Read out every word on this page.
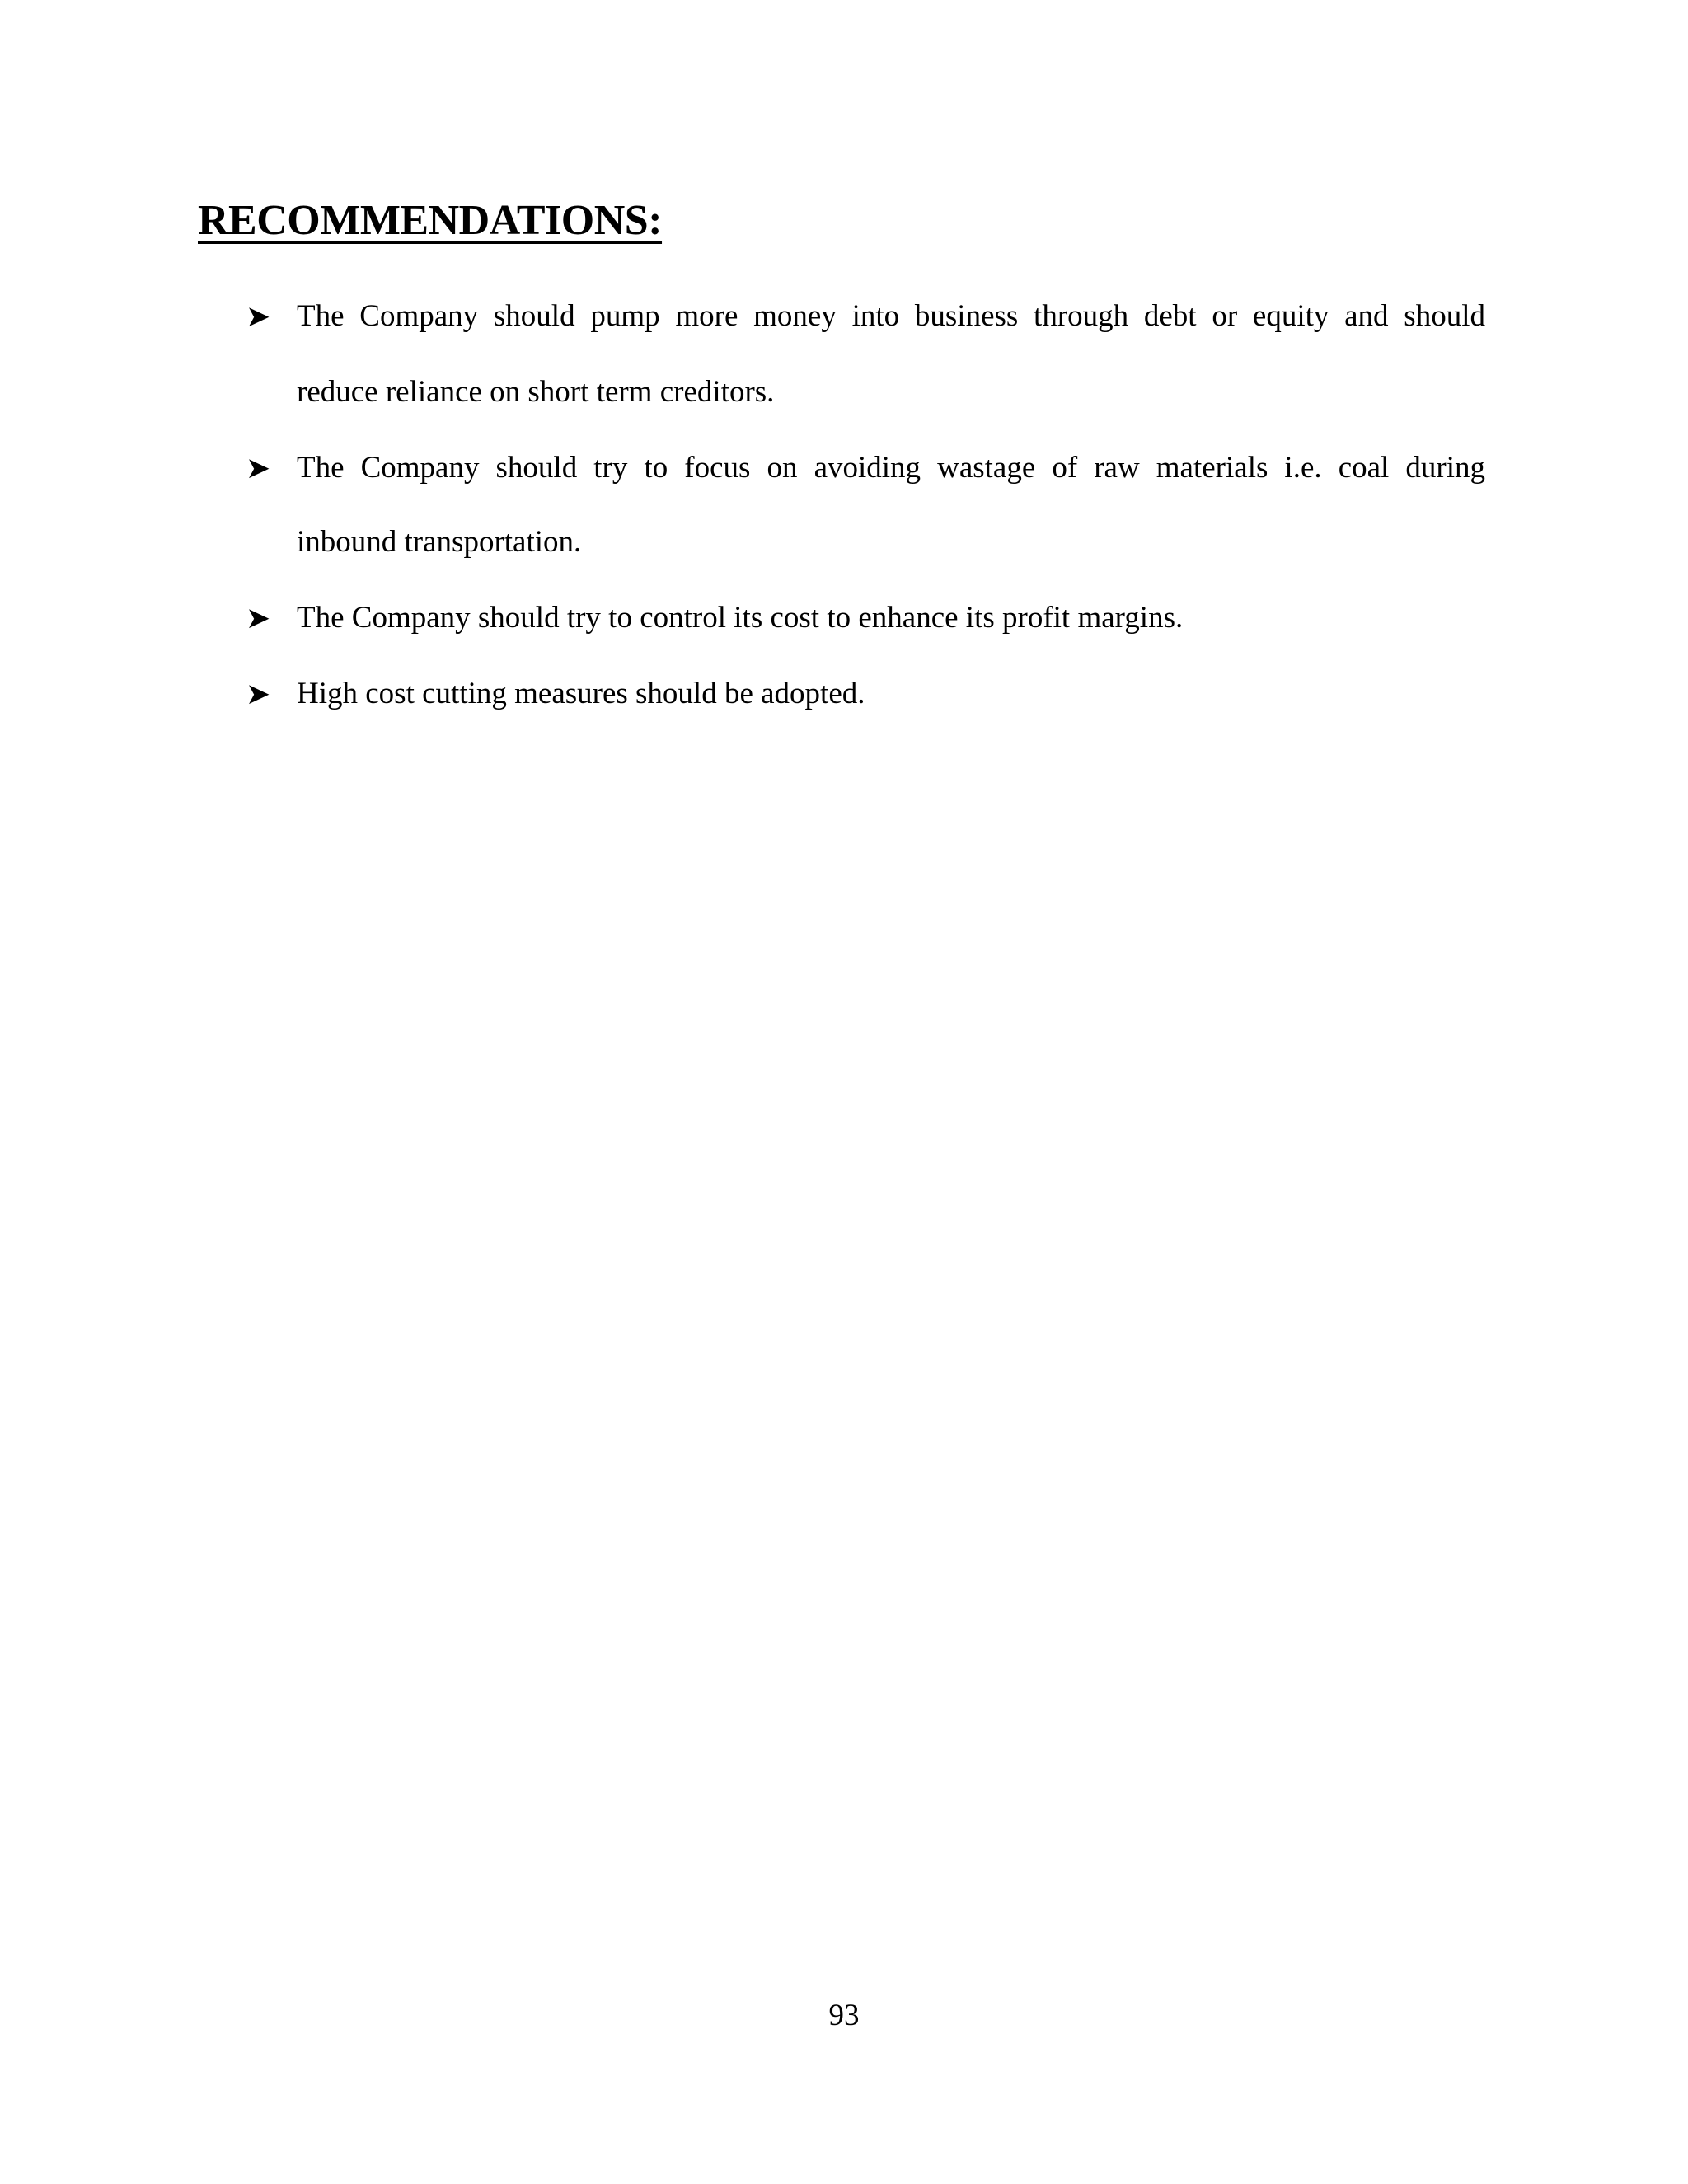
RECOMMENDATIONS:
➤ The Company should pump more money into business through debt or equity and should
reduce reliance on short term creditors.
➤ The Company should try to focus on avoiding wastage of raw materials i.e. coal during
inbound transportation.
➤ The Company should try to control its cost to enhance its profit margins.
➤ High cost cutting measures should be adopted.
93
